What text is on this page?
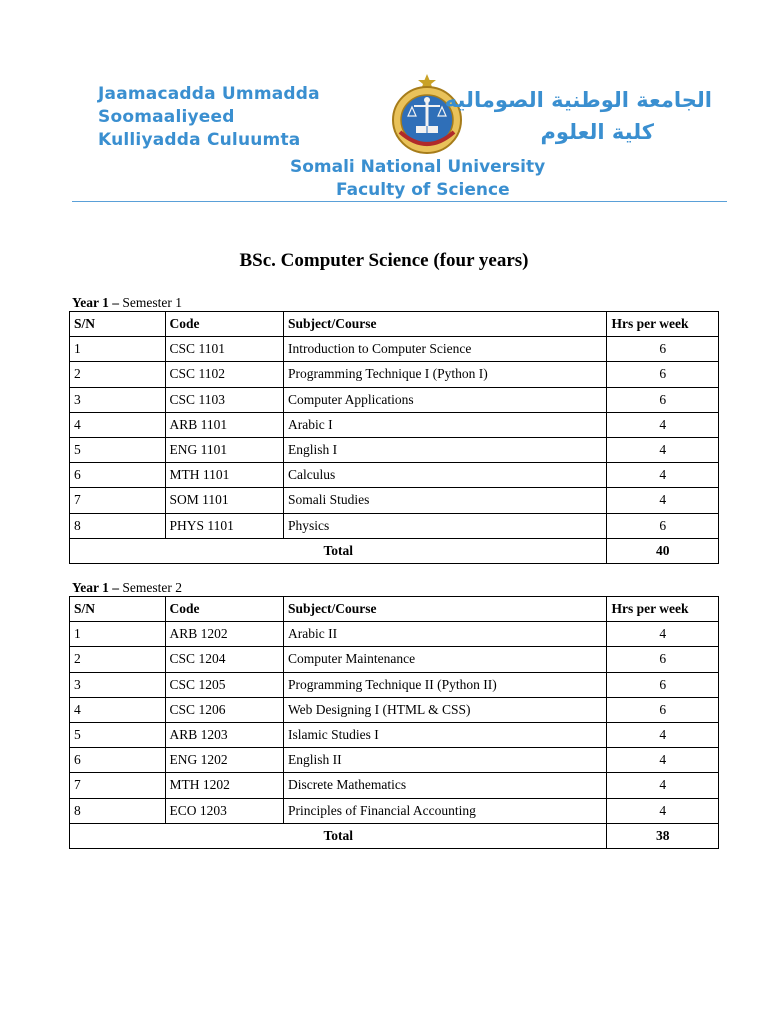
Jaamacadda Ummadda
Soomaaliyeed
Kulliyadda Culuumta
الجامعة الوطنية الصوماليه
كلية العلوم
Somali National University
Faculty of Science
BSc. Computer Science (four years)
Year 1 – Semester 1
S/N	Code	Subject/Course	Hrs per week
1	CSC 1101	Introduction to Computer Science	6
2	CSC 1102	Programming Technique I (Python I)	6
3	CSC 1103	Computer Applications	6
4	ARB 1101	Arabic I	4
5	ENG 1101	English I	4
6	MTH 1101	Calculus	4
7	SOM 1101	Somali Studies	4
8	PHYS 1101	Physics	6
Total			40
Year 1 – Semester 2
S/N	Code	Subject/Course	Hrs per week
1	ARB 1202	Arabic II	4
2	CSC 1204	Computer Maintenance	6
3	CSC 1205	Programming Technique II (Python II)	6
4	CSC 1206	Web Designing I (HTML & CSS)	6
5	ARB 1203	Islamic Studies I	4
6	ENG 1202	English II	4
7	MTH 1202	Discrete Mathematics	4
8	ECO 1203	Principles of Financial Accounting	4
Total			38
